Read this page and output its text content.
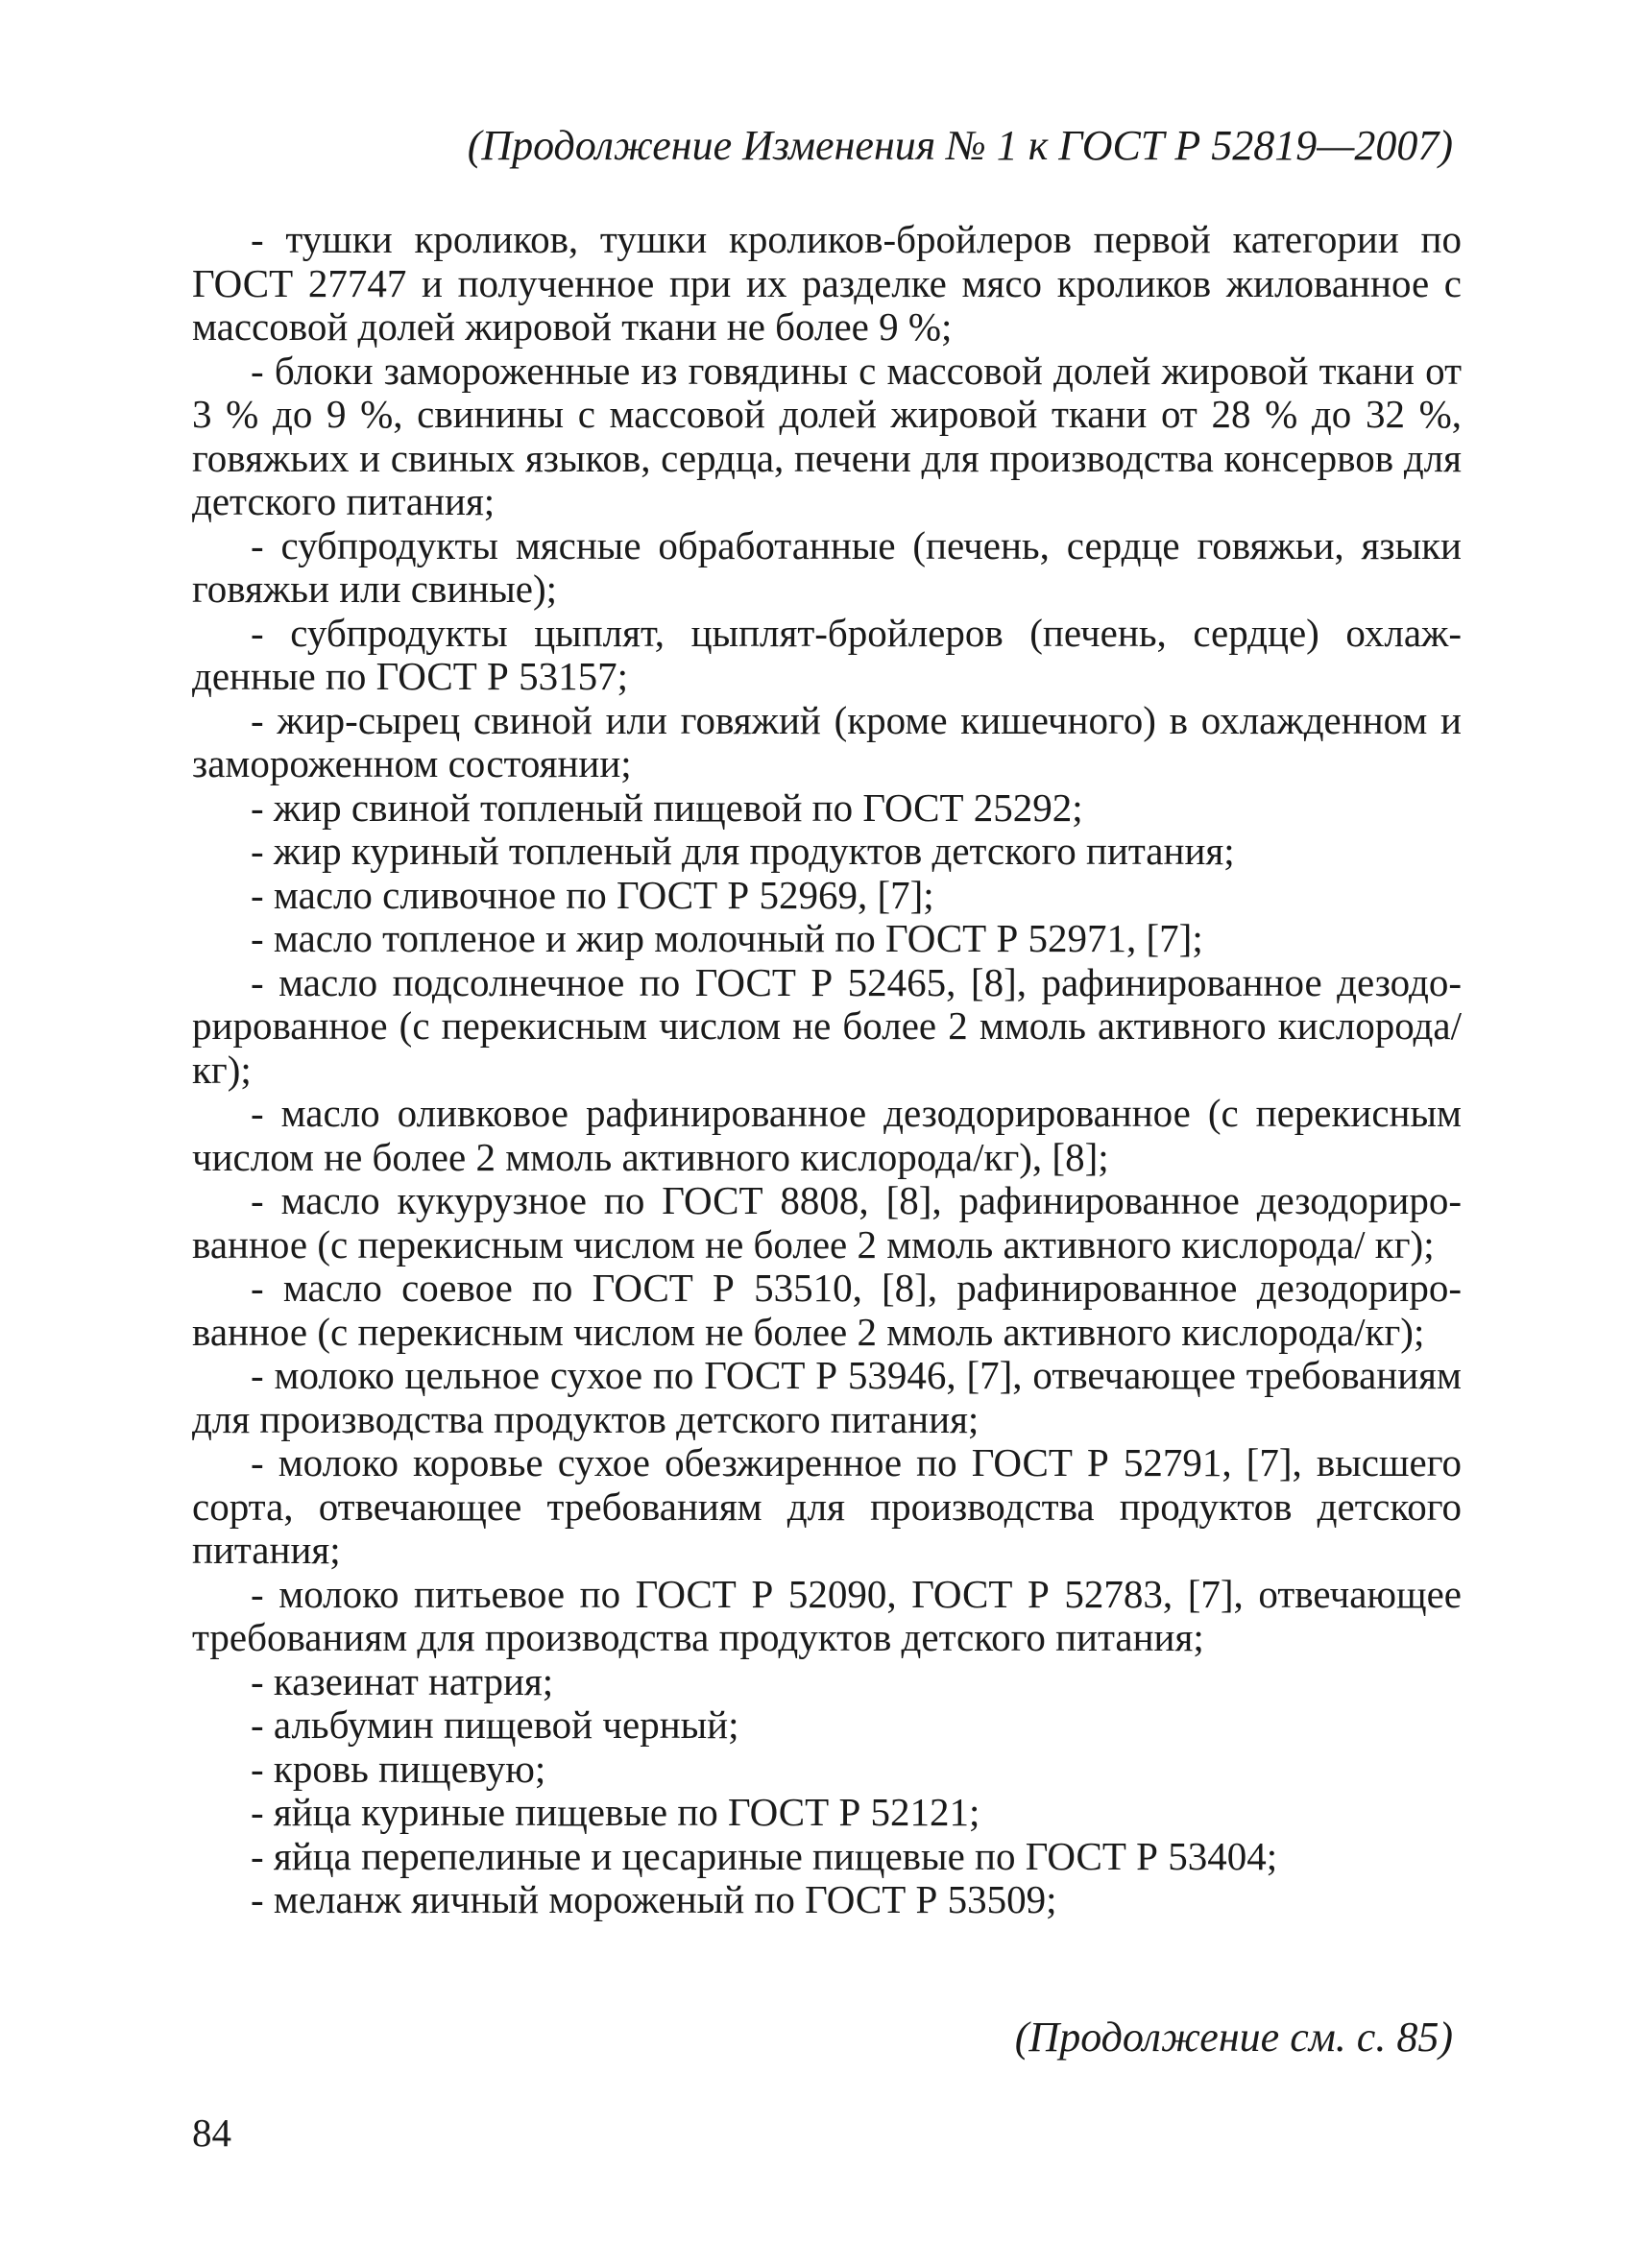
(Продолжение Изменения № 1 к ГОСТ Р 52819—2007)

- тушки кроликов, тушки кроликов-бройлеров первой категории по ГОСТ 27747 и полученное при их разделке мясо кроликов жилованное с массовой долей жировой ткани не более 9 %;

- блоки замороженные из говядины с массовой долей жировой ткани от 3 % до 9 %, свинины с массовой долей жировой ткани от 28 % до 32 %, говяжьих и свиных языков, сердца, печени для производства консервов для детского питания;

- субпродукты мясные обработанные (печень, сердце говяжьи, языки говяжьи или свиные);

- субпродукты цыплят, цыплят-бройлеров (печень, сердце) охлажденные по ГОСТ Р 53157;

- жир-сырец свиной или говяжий (кроме кишечного) в охлажденном и замороженном состоянии;

- жир свиной топленый пищевой по ГОСТ 25292;

- жир куриный топленый для продуктов детского питания;

- масло сливочное по ГОСТ Р 52969, [7];

- масло топленое и жир молочный по ГОСТ Р 52971, [7];

- масло подсолнечное по ГОСТ Р 52465, [8], рафинированное дезодорированное (с перекисным числом не более 2 ммоль активного кислорода/кг);

- масло оливковое рафинированное дезодорированное (с перекисным числом не более 2 ммоль активного кислорода/кг), [8];

- масло кукурузное по ГОСТ 8808, [8], рафинированное дезодорированное (с перекисным числом не более 2 ммоль активного кислорода/ кг);

- масло соевое по ГОСТ Р 53510, [8], рафинированное дезодорированное (с перекисным числом не более 2 ммоль активного кислорода/кг);

- молоко цельное сухое по ГОСТ Р 53946, [7], отвечающее требованиям для производства продуктов детского питания;

- молоко коровье сухое обезжиренное по ГОСТ Р 52791, [7], высшего сорта, отвечающее требованиям для производства продуктов детского питания;

- молоко питьевое по ГОСТ Р 52090, ГОСТ Р 52783, [7], отвечающее требованиям для производства продуктов детского питания;

- казеинат натрия;

- альбумин пищевой черный;

- кровь пищевую;

- яйца куриные пищевые по ГОСТ Р 52121;

- яйца перепелиные и цесариные пищевые по ГОСТ Р 53404;

- меланж яичный мороженый по ГОСТ Р 53509;

(Продолжение см. с. 85)
84
